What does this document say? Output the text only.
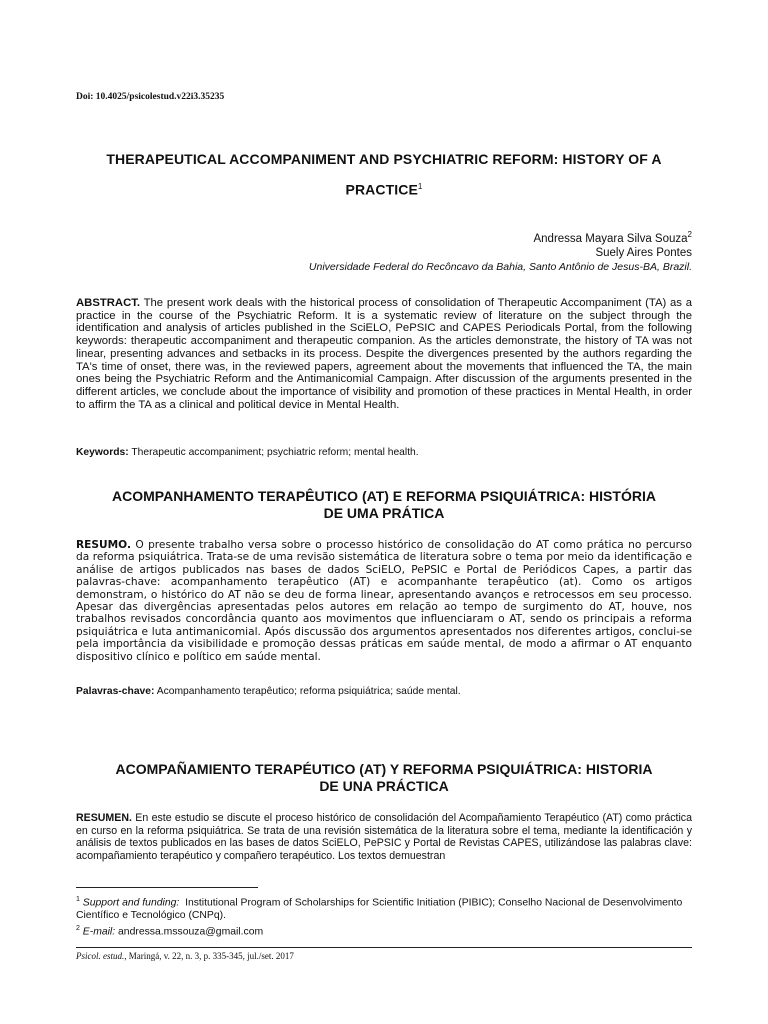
Doi: 10.4025/psicolestud.v22i3.35235
THERAPEUTICAL ACCOMPANIMENT AND PSYCHIATRIC REFORM: HISTORY OF A
PRACTICE$^1$
Andressa Mayara Silva Souza$^2$
Suely Aires Pontes
Universidade Federal do Recôncavo da Bahia, Santo Antônio de Jesus-BA, Brazil.
ABSTRACT. The present work deals with the historical process of consolidation of Therapeutic Accompaniment (TA) as a practice in the course of the Psychiatric Reform. It is a systematic review of literature on the subject through the identification and analysis of articles published in the SciELO, PePSIC and CAPES Periodicals Portal, from the following keywords: therapeutic accompaniment and therapeutic companion. As the articles demonstrate, the history of TA was not linear, presenting advances and setbacks in its process. Despite the divergences presented by the authors regarding the TA's time of onset, there was, in the reviewed papers, agreement about the movements that influenced the TA, the main ones being the Psychiatric Reform and the Antimanicomial Campaign. After discussion of the arguments presented in the different articles, we conclude about the importance of visibility and promotion of these practices in Mental Health, in order to affirm the TA as a clinical and political device in Mental Health.
Keywords: Therapeutic accompaniment; psychiatric reform; mental health.
ACOMPANHAMENTO TERAPÊUTICO (AT) E REFORMA PSIQUIÁTRICA: HISTÓRIA
DE UMA PRÁTICA
RESUMO. O presente trabalho versa sobre o processo histórico de consolidação do AT como prática no percurso da reforma psiquiátrica. Trata-se de uma revisão sistemática de literatura sobre o tema por meio da identificação e análise de artigos publicados nas bases de dados SciELO, PePSIC e Portal de Periódicos Capes, a partir das palavras-chave: acompanhamento terapêutico (AT) e acompanhante terapêutico (at). Como os artigos demonstram, o histórico do AT não se deu de forma linear, apresentando avanços e retrocessos em seu processo. Apesar das divergências apresentadas pelos autores em relação ao tempo de surgimento do AT, houve, nos trabalhos revisados concordância quanto aos movimentos que influenciaram o AT, sendo os principais a reforma psiquiátrica e luta antimanicomial. Após discussão dos argumentos apresentados nos diferentes artigos, conclui-se pela importância da visibilidade e promoção dessas práticas em saúde mental, de modo a afirmar o AT enquanto dispositivo clínico e político em saúde mental.
Palavras-chave: Acompanhamento terapêutico; reforma psiquiátrica; saúde mental.
ACOMPAÑAMIENTO TERAPÉUTICO (AT) Y REFORMA PSIQUIÁTRICA: HISTORIA
DE UNA PRÁCTICA
RESUMEN. En este estudio se discute el proceso histórico de consolidación del Acompañamiento Terapéutico (AT) como práctica en curso en la reforma psiquiátrica. Se trata de una revisión sistemática de la literatura sobre el tema, mediante la identificación y análisis de textos publicados en las bases de datos SciELO, PePSIC y Portal de Revistas CAPES, utilizándose las palabras clave: acompañamiento terapéutico y compañero terapéutico. Los textos demuestran

$^1$ Support and funding: Institutional Program of Scholarships for Scientific Initiation (PIBIC); Conselho Nacional de Desenvolvimento Científico e Tecnológico (CNPq).

$^2$ E-mail: andressa.mssouza@gmail.com

Psicol. estud., Maringá, v. 22, n. 3, p. 335-345, jul./set. 2017
